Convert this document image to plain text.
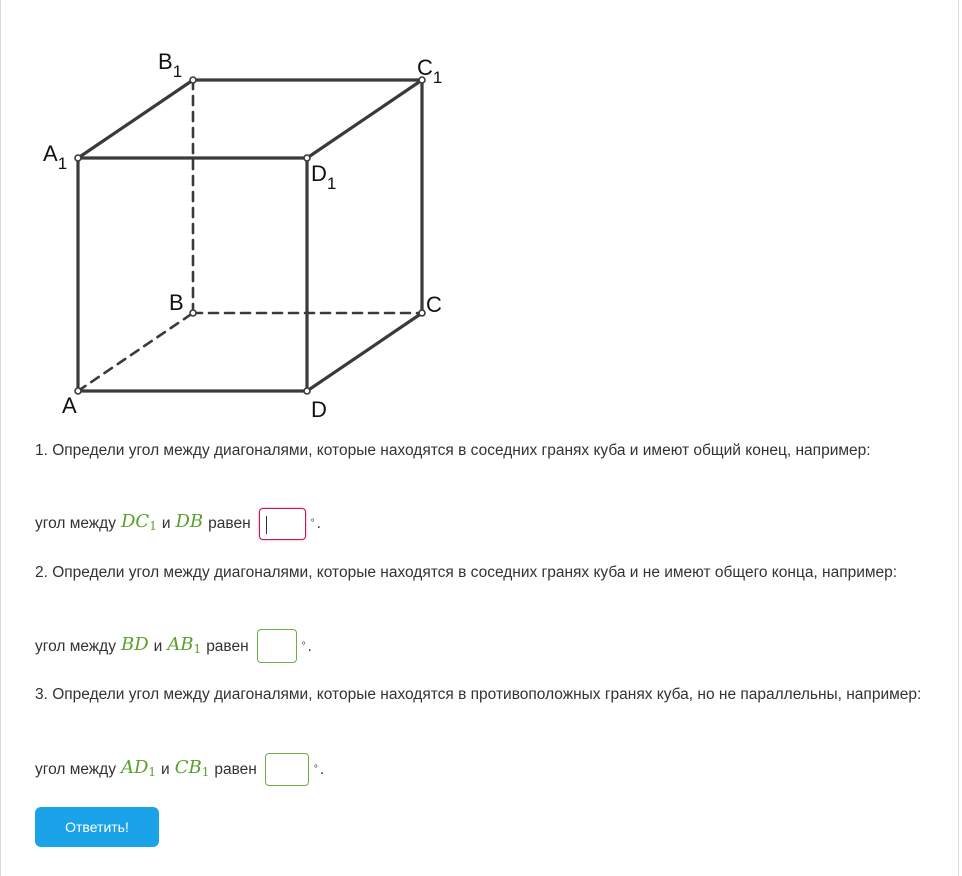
$B_1$	$C_1$
$A_1$	$D_1$
B	C
A	D
1. Определи угол между диагоналями, которые находятся в соседних гранях куба и имеют общий конец, например:
угол между $DC_1$ и DB равен	° .
2. Определи угол между диагоналями, которые находятся в соседних гранях куба и не имеют общего конца, например:
угол между BD и $AB_1$ равен	° .
3. Определи угол между диагоналями, которые находятся в противоположных гранях куба, но не параллельны, например:
угол между $AD_1$ и $CB_1$ равен	° .
Ответить!
